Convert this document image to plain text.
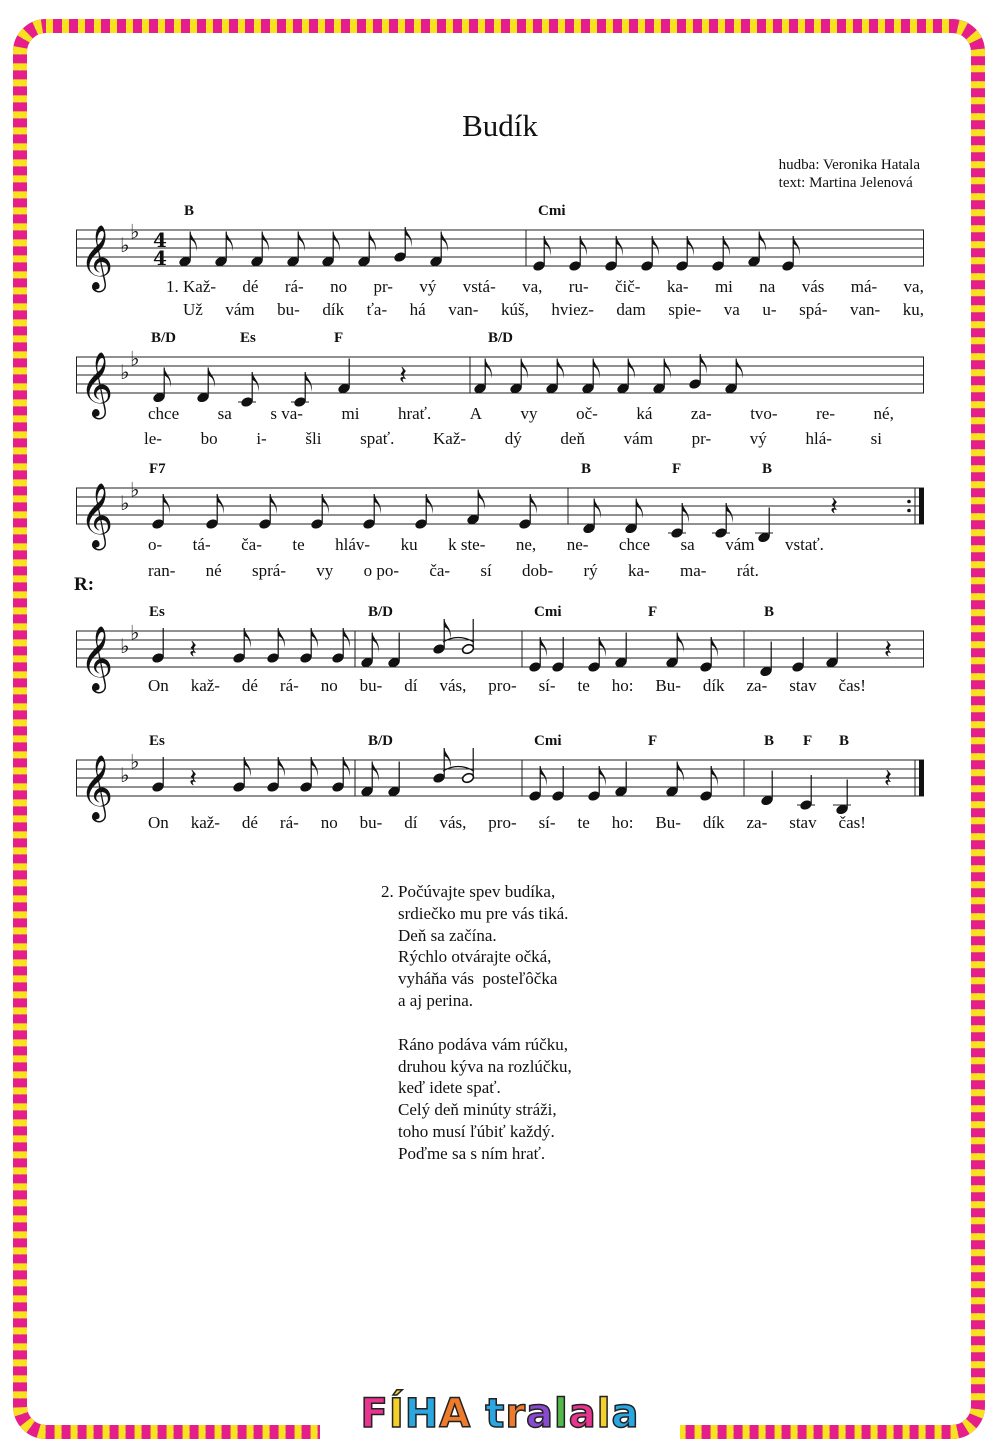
Budík
hudba: Veronika Hatala
text: Martina Jelenová
B	Cmi
𝄞 ♭
♭ 4
4
1. Kaž- dé rá- no pr- vý vstá- va, ru- čič- ka- mi na vás má- va,
Už vám bu- dík ťa- há van- kúš, hviez- dam spie- va u- spá- van- ku,
B/D	Es	F	B/D
𝄞 ♭
♭
𝄽
chce sa s va- mi hrať. A vy oč- ká za- tvo- re- né,
le- bo i- šli spať. Kaž- dý deň vám pr- vý hlá- si
F7	B	F	B
𝄞 ♭
♭
𝄽
o- tá- ča- te hláv- ku k ste- ne, ne- chce sa vám vstať.
ran- né sprá- vy o po- ča- sí dob- rý ka- ma- rát.
R:
Es	B/D	Cmi	F	B
𝄞 ♭
♭
𝄽	𝄽
On kaž- dé rá- no bu- dí vás, pro- sí- te ho: Bu- dík za- stav čas!
Es	B/D	Cmi	F	B F B
𝄞 ♭
♭
𝄽	𝄽
On kaž- dé rá- no bu- dí vás, pro- sí- te ho: Bu- dík za- stav čas!
2. Počúvajte spev budíka,
srdiečko mu pre vás tiká.
Deň sa začína.
Rýchlo otvárajte očká,
vyháňa vás  posteľôčka
a aj perina.
Ráno podáva vám rúčku,
druhou kýva na rozlúčku,
keď idete spať.
Celý deň minúty stráži,
toho musí ľúbiť každý.
Poďme sa s ním hrať.
FÍHA tralala
